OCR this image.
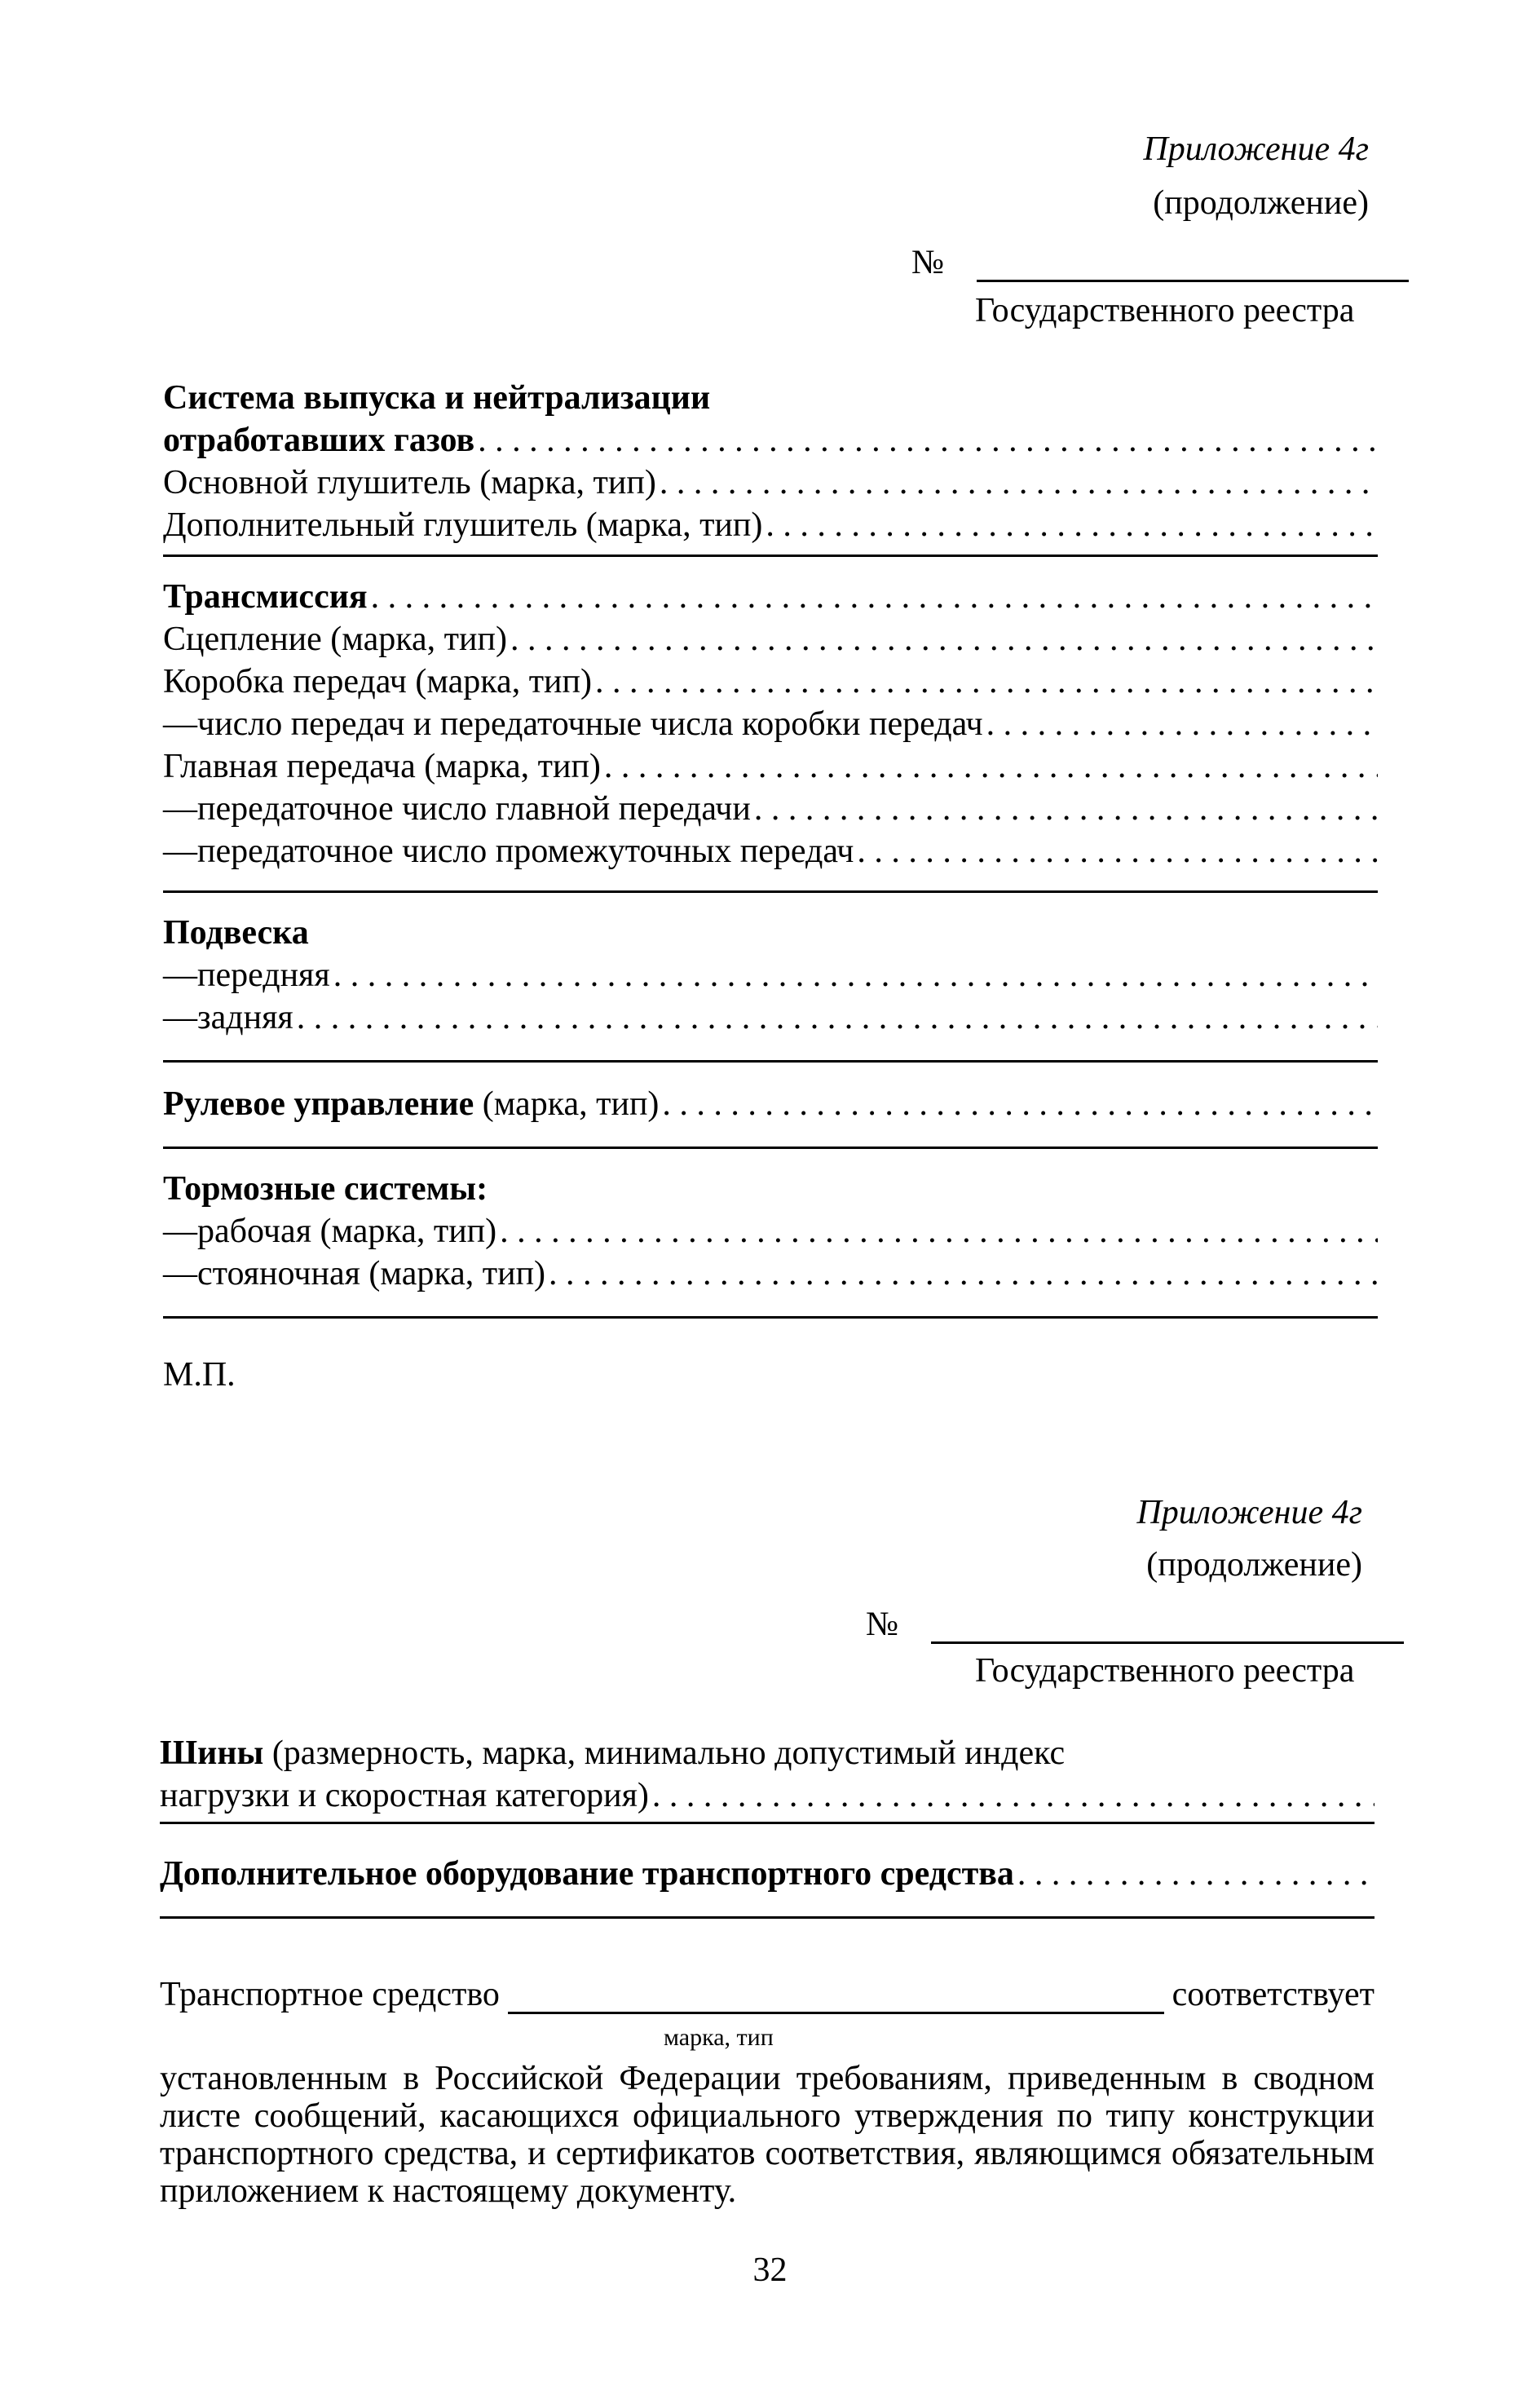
Приложение 4г
(продолжение)
№
Государственного реестра
Система выпуска и нейтрализации
отработавших газов
. . .
Основной глушитель (марка, тип)
. . .
Дополнительный глушитель (марка, тип)
. . .
Трансмиссия
. . .
Сцепление (марка, тип)
. . .
Коробка передач (марка, тип)
. . .
—число передач и передаточные числа коробки передач
. . .
Главная передача (марка, тип)
. . .
—передаточное число главной передачи
. . .
—передаточное число промежуточных передач
. . .
Подвеска
—передняя
. . .
—задняя
. . .
Рулевое управление (марка, тип)
. . .
Тормозные системы:
—рабочая (марка, тип)
. . .
—стояночная (марка, тип)
. . .
М.П.
Приложение 4г
(продолжение)
№
Государственного реестра
Шины (размерность, марка, минимально допустимый индекс
нагрузки и скоростная категория)
. . .
Дополнительное оборудование транспортного средства
. . .
Транспортное средство	соответствует
марка, тип
установленным в Российской Федерации требованиям, приведенным в сводном листе сообщений, касающихся официального утверждения по типу конструкции транспортного средства, и сертификатов соответствия, являющимся обязательным приложением к настоящему документу.
32
